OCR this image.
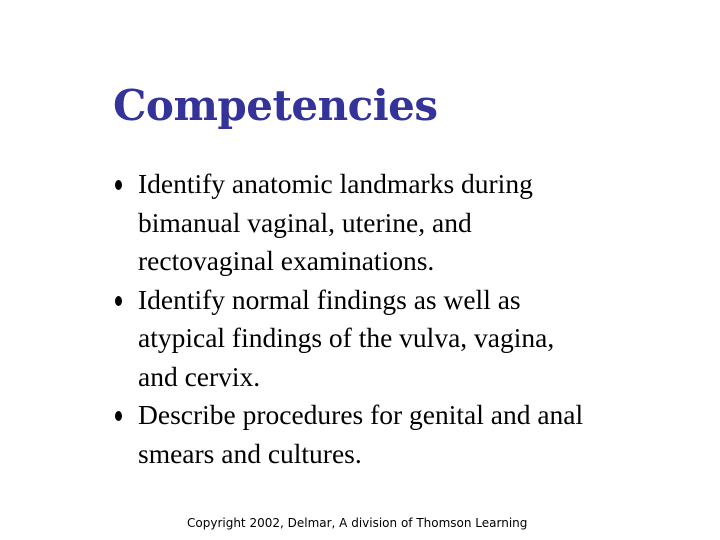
Competencies
Identify anatomic landmarks during bimanual vaginal, uterine, and rectovaginal examinations.
Identify normal findings as well as atypical findings of the vulva, vagina, and cervix.
Describe procedures for genital and anal smears and cultures.
Copyright 2002, Delmar, A division of Thomson Learning
